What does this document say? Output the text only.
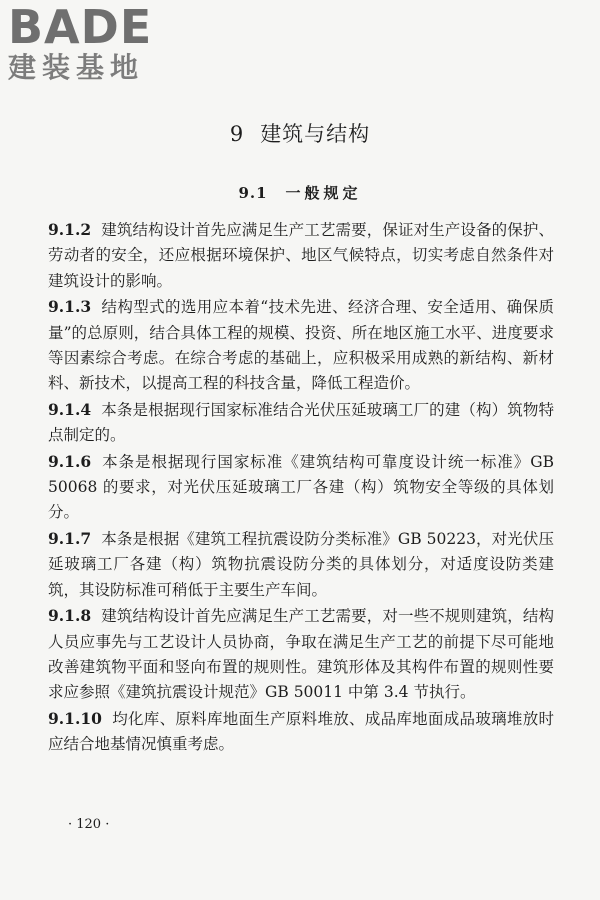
BADE
建装基地
9 建筑与结构
9.1 一般规定

9.1.2 建筑结构设计首先应满足生产工艺需要，保证对生产设备的保护、劳动者的安全，还应根据环境保护、地区气候特点，切实考虑自然条件对建筑设计的影响。

9.1.3 结构型式的选用应本着“技术先进、经济合理、安全适用、确保质量”的总原则，结合具体工程的规模、投资、所在地区施工水平、进度要求等因素综合考虑。在综合考虑的基础上，应积极采用成熟的新结构、新材料、新技术，以提高工程的科技含量，降低工程造价。

9.1.4 本条是根据现行国家标准结合光伏压延玻璃工厂的建（构）筑物特点制定的。

9.1.6 本条是根据现行国家标准《建筑结构可靠度设计统一标准》GB 50068 的要求，对光伏压延玻璃工厂各建（构）筑物安全等级的具体划分。

9.1.7 本条是根据《建筑工程抗震设防分类标准》GB 50223，对光伏压延玻璃工厂各建（构）筑物抗震设防分类的具体划分，对适度设防类建筑，其设防标准可稍低于主要生产车间。

9.1.8 建筑结构设计首先应满足生产工艺需要，对一些不规则建筑，结构人员应事先与工艺设计人员协商，争取在满足生产工艺的前提下尽可能地改善建筑物平面和竖向布置的规则性。建筑形体及其构件布置的规则性要求应参照《建筑抗震设计规范》GB 50011 中第 3.4 节执行。

9.1.10 均化库、原料库地面生产原料堆放、成品库地面成品玻璃堆放时应结合地基情况慎重考虑。

· 120 ·
